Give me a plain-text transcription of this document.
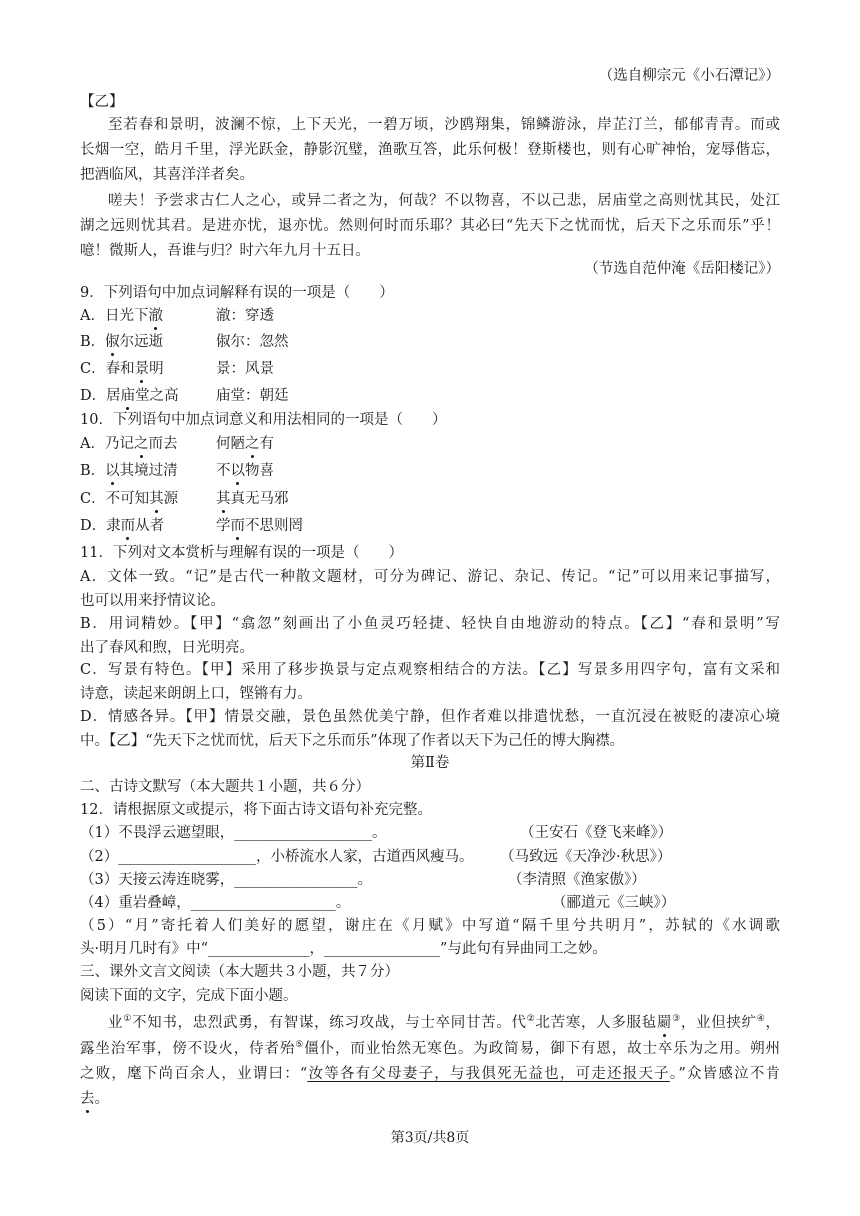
（选自柳宗元《小石潭记》）
【乙】
至若春和景明，波澜不惊，上下天光，一碧万顷，沙鸥翔集，锦鳞游泳，岸芷汀兰，郁郁青青。而或
长烟一空，皓月千里，浮光跃金，静影沉璧，渔歌互答，此乐何极！登斯楼也，则有心旷神怡，宠辱偕忘，
把酒临风，其喜洋洋者矣。
嗟夫！予尝求古仁人之心，或异二者之为，何哉？不以物喜，不以己悲，居庙堂之高则忧其民，处江
湖之远则忧其君。是进亦忧，退亦忧。然则何时而乐耶？其必曰“先天下之忧而忧，后天下之乐而乐”乎！
噫！微斯人，吾谁与归？时六年九月十五日。
（节选自范仲淹《岳阳楼记》）
9．下列语句中加点词解释有误的一项是（　　）
A．日光下澈	澈：穿透
B．俶尔远逝	俶尔：忽然
C．春和景明	景：风景
D．居庙堂之高	庙堂：朝廷
10．下列语句中加点词意义和用法相同的一项是（　　）
A．乃记之而去	何陋之有
B．以其境过清	不以物喜
C．不可知其源	其真无马邪
D．隶而从者	学而不思则罔
11．下列对文本赏析与理解有误的一项是（　　）
A．文体一致。“记”是古代一种散文题材，可分为碑记、游记、杂记、传记。“记”可以用来记事描写，
也可以用来抒情议论。
B．用词精妙。【甲】“翕忽”刻画出了小鱼灵巧轻捷、轻快自由地游动的特点。【乙】“春和景明”写
出了春风和煦，日光明亮。
C．写景有特色。【甲】采用了移步换景与定点观察相结合的方法。【乙】写景多用四字句，富有文采和
诗意，读起来朗朗上口，铿锵有力。
D．情感各异。【甲】情景交融，景色虽然优美宁静，但作者难以排遣忧愁，一直沉浸在被贬的凄凉心境
中。【乙】“先天下之忧而忧，后天下之乐而乐”体现了作者以天下为己任的博大胸襟。
第Ⅱ卷
二、古诗文默写（本大题共１小题，共６分）
12．请根据原文或提示，将下面古诗文语句补充完整。
（1）不畏浮云遮望眼，___________________。	（王安石《登飞来峰》）
（2）___________________，小桥流水人家，古道西风瘦马。 （马致远《天净沙·秋思》）
（3）天接云涛连晓雾，_________________。	（李清照《渔家傲》）
（4）重岩叠嶂，____________________。	（郦道元《三峡》）
（5）“月”寄托着人们美好的愿望，谢庄在《月赋》中写道“隔千里兮共明月”，苏轼的《水调歌
头·明月几时有》中“______________，________________”与此句有异曲同工之妙。
三、课外文言文阅读（本大题共３小题，共７分）
阅读下面的文字，完成下面小题。
业①不知书，忠烈武勇，有智谋，练习攻战，与士卒同甘苦。代②北苦寒，人多服毡罽③，业但挟纩④，
露坐治军事，傍不设火，侍者殆⑤僵仆，而业怡然无寒色。为政简易，御下有恩，故士卒乐为之用。朔州
之败，麾下尚百余人，业谓曰：“汝等各有父母妻子，与我俱死无益也，可走还报天子。”众皆感泣不肯
去。
第3页/共8页
